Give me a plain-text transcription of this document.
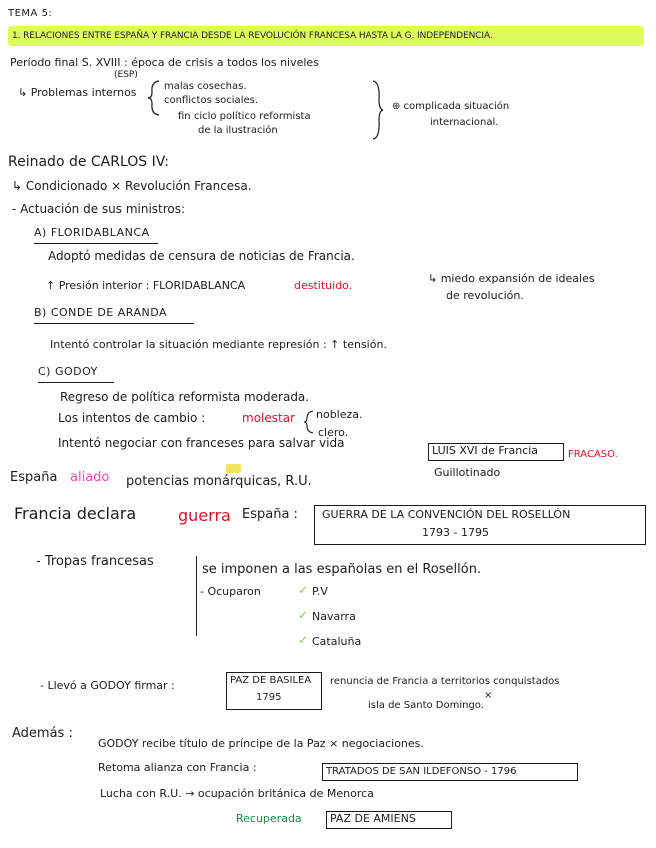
TEMA 5:
1. RELACIONES ENTRE ESPAÑA Y FRANCIA DESDE LA REVOLUCIÓN FRANCESA HASTA LA G. INDEPENDENCIA.
Período final S. XVIII : época de crisis a todos los niveles
(ESP)
↳ Problemas internos	malas cosechas.
conflictos sociales.
fin ciclo político reformista
de la ilustración
⊕ complicada situación
internacional.
Reinado de CARLOS IV:
↳ Condicionado × Revolución Francesa.
- Actuación de sus ministros:
A) FLORIDABLANCA
Adoptó medidas de censura de noticias de Francia.
↑ Presión interior : FLORIDABLANCA	destituido.
↳ miedo expansión de ideales
de revolución.
B) CONDE DE ARANDA
Intentó controlar la situación mediante represión : ↑ tensión.
C) GODOY
Regreso de política reformista moderada.
Los intentos de cambio :	molestar nobleza.
clero.
Intentó negociar con franceses para salvar vida
LUIS XVI de Francia	FRACASO.
Guillotinado
España aliado potencias monárquicas, R.U.
Francia declara	guerra España : GUERRA DE LA CONVENCIÓN DEL ROSELLÓN
1793 - 1795
- Tropas francesas
se imponen a las españolas en el Rosellón.
- Ocuparon	✓ P.V
✓ Navarra
✓ Cataluña
- Llevó a GODOY firmar :	PAZ DE BASILEA
1795
renuncia de Francia a territorios conquistados
×
isla de Santo Domingo.
Además :
GODOY recibe título de príncipe de la Paz × negociaciones.
Retoma alianza con Francia :	TRATADOS DE SAN ILDEFONSO - 1796
Lucha con R.U. → ocupación británica de Menorca
Recuperada	PAZ DE AMIENS
